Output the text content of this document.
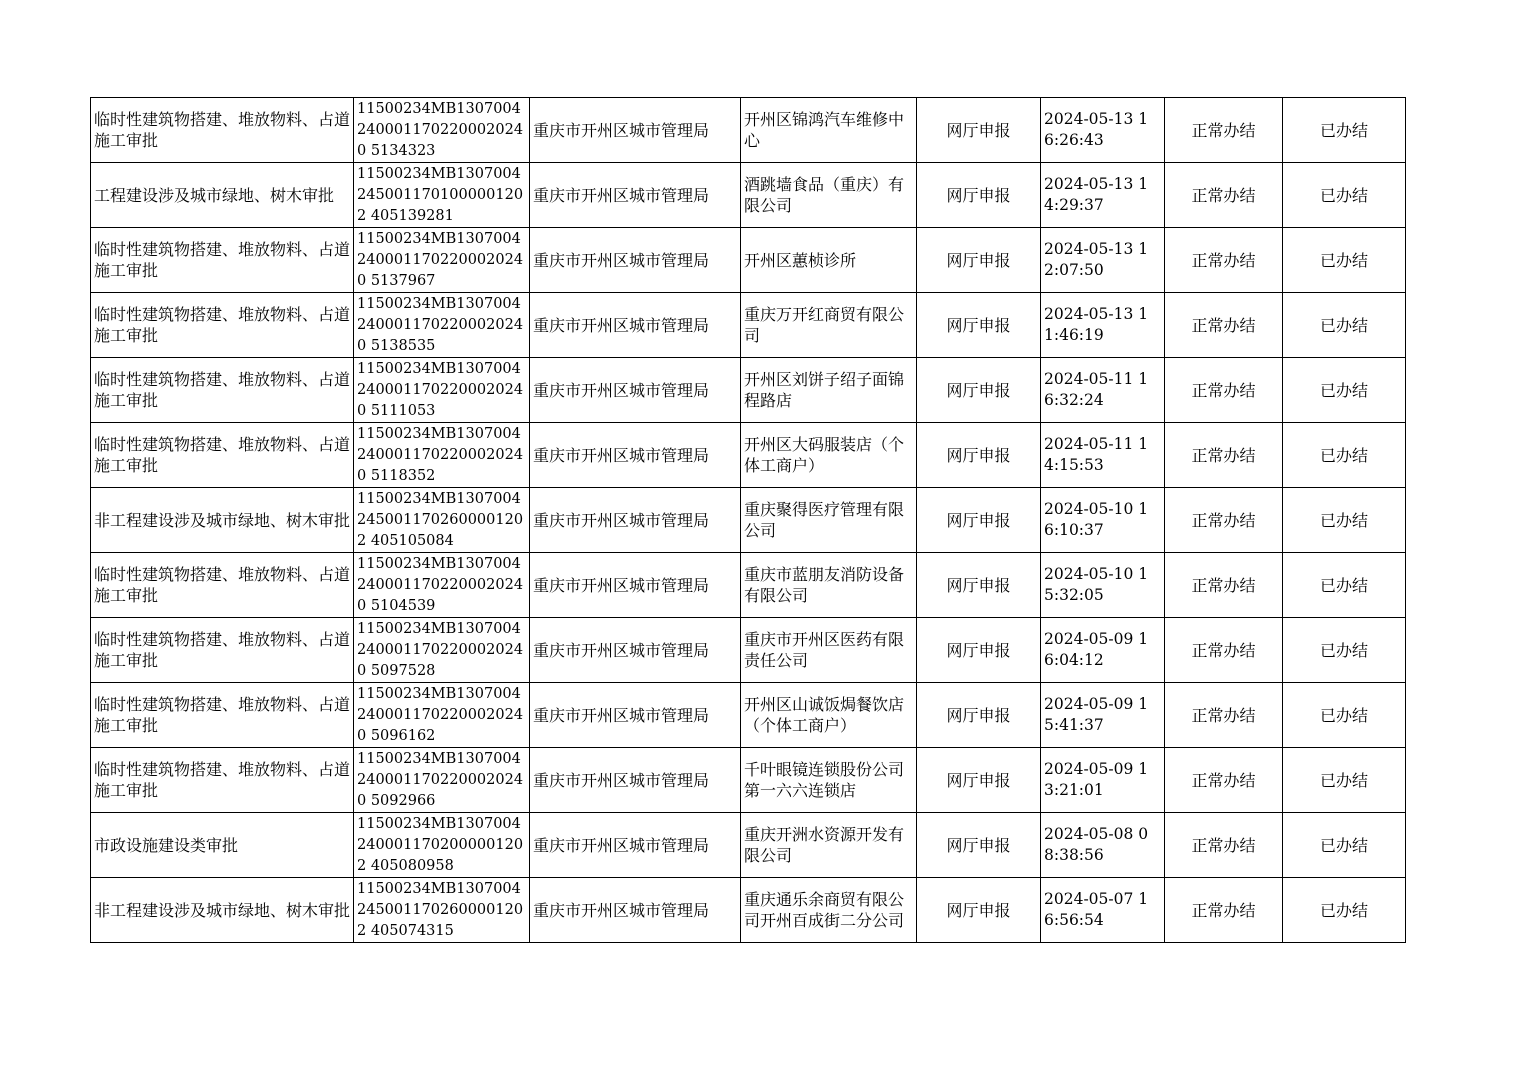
临时性建筑物搭建、堆放物料、占道施工审批	11500234MB13070042400011702200020240 5134323	重庆市开州区城市管理局	开州区锦鸿汽车维修中心	网厅申报	2024-05-13 16:26:43	正常办结	已办结
工程建设涉及城市绿地、树木审批	11500234MB13070042450011701000001202 405139281	重庆市开州区城市管理局	酒跳墙食品（重庆）有限公司	网厅申报	2024-05-13 14:29:37	正常办结	已办结
临时性建筑物搭建、堆放物料、占道施工审批	11500234MB13070042400011702200020240 5137967	重庆市开州区城市管理局	开州区蕙桢诊所	网厅申报	2024-05-13 12:07:50	正常办结	已办结
临时性建筑物搭建、堆放物料、占道施工审批	11500234MB13070042400011702200020240 5138535	重庆市开州区城市管理局	重庆万开红商贸有限公司	网厅申报	2024-05-13 11:46:19	正常办结	已办结
临时性建筑物搭建、堆放物料、占道施工审批	11500234MB13070042400011702200020240 5111053	重庆市开州区城市管理局	开州区刘饼子绍子面锦程路店	网厅申报	2024-05-11 16:32:24	正常办结	已办结
临时性建筑物搭建、堆放物料、占道施工审批	11500234MB13070042400011702200020240 5118352	重庆市开州区城市管理局	开州区大码服装店（个体工商户）	网厅申报	2024-05-11 14:15:53	正常办结	已办结
非工程建设涉及城市绿地、树木审批	11500234MB13070042450011702600001202 405105084	重庆市开州区城市管理局	重庆聚得医疗管理有限公司	网厅申报	2024-05-10 16:10:37	正常办结	已办结
临时性建筑物搭建、堆放物料、占道施工审批	11500234MB13070042400011702200020240 5104539	重庆市开州区城市管理局	重庆市蓝朋友消防设备有限公司	网厅申报	2024-05-10 15:32:05	正常办结	已办结
临时性建筑物搭建、堆放物料、占道施工审批	11500234MB13070042400011702200020240 5097528	重庆市开州区城市管理局	重庆市开州区医药有限责任公司	网厅申报	2024-05-09 16:04:12	正常办结	已办结
临时性建筑物搭建、堆放物料、占道施工审批	11500234MB13070042400011702200020240 5096162	重庆市开州区城市管理局	开州区山诚饭焗餐饮店（个体工商户）	网厅申报	2024-05-09 15:41:37	正常办结	已办结
临时性建筑物搭建、堆放物料、占道施工审批	11500234MB13070042400011702200020240 5092966	重庆市开州区城市管理局	千叶眼镜连锁股份公司第一六六连锁店	网厅申报	2024-05-09 13:21:01	正常办结	已办结
市政设施建设类审批	11500234MB13070042400011702000001202 405080958	重庆市开州区城市管理局	重庆开洲水资源开发有限公司	网厅申报	2024-05-08 08:38:56	正常办结	已办结
非工程建设涉及城市绿地、树木审批	11500234MB13070042450011702600001202 405074315	重庆市开州区城市管理局	重庆通乐余商贸有限公司开州百成街二分公司	网厅申报	2024-05-07 16:56:54	正常办结	已办结
